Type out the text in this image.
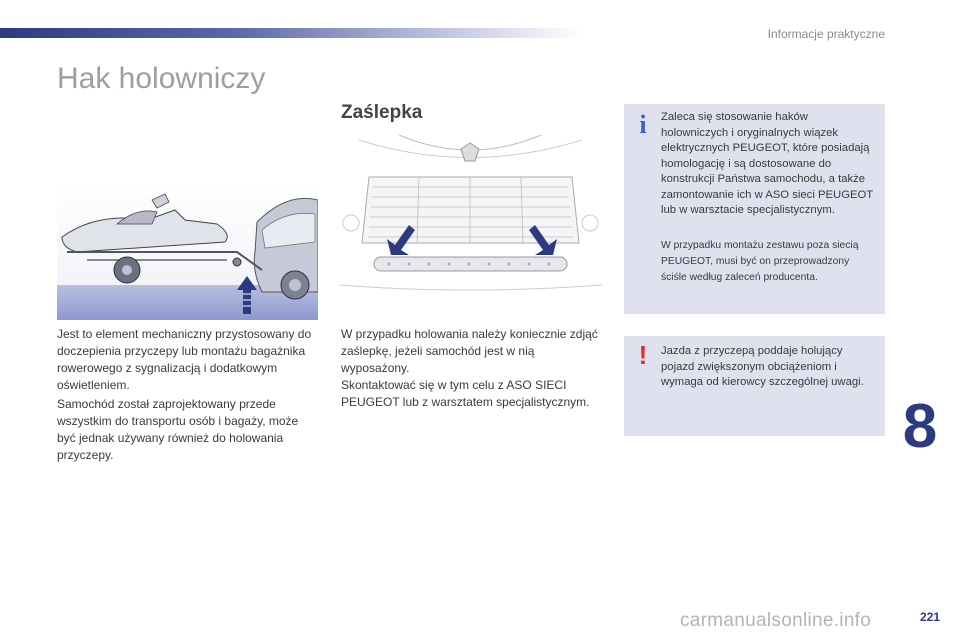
Informacje praktyczne
Hak holowniczy
Zaślepka

Jest to element mechaniczny przystosowany do doczepienia przyczepy lub montażu bagażnika rowerowego z sygnalizacją i dodatkowym oświetleniem.

Samochód został zaprojektowany przede wszystkim do transportu osób i bagaży, może być jednak używany również do holowania przyczepy.

W przypadku holowania należy koniecznie zdjąć zaślepkę, jeżeli samochód jest w nią wyposażony.

Skontaktować się w tym celu z ASO SIECI PEUGEOT lub z warsztatem specjalistycznym.

i	Zaleca się stosowanie haków holowniczych i oryginalnych wiązek elektrycznych PEUGEOT, które posiadają homologację i są dostosowane do konstrukcji Państwa samochodu, a także zamontowanie ich w ASO sieci PEUGEOT lub w warsztacie specjalistycznym.

W przypadku montażu zestawu poza siecią PEUGEOT, musi być on przeprowadzony ściśle według zaleceń producenta.

!	Jazda z przyczepą poddaje holujący pojazd zwiększonym obciążeniom i wymaga od kierowcy szczególnej uwagi.

8
carmanualsonline.info	221
